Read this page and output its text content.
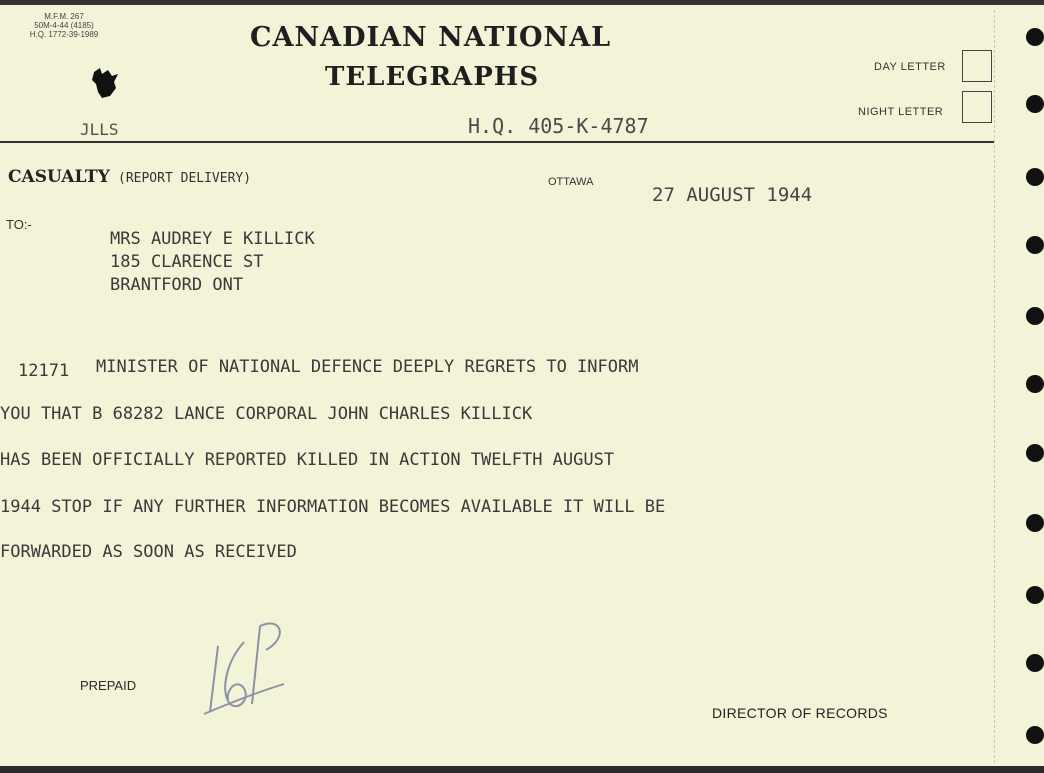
M.F.M. 267
50M-4-44 (4185)
H.Q. 1772-39-1989	CANADIAN NATIONAL
TELEGRAPHS	DAY LETTER
NIGHT LETTER
JLLS	H.Q. 405-K-4787
CASUALTY (REPORT DELIVERY)	OTTAWA
27 AUGUST 1944
TO:-
MRS AUDREY E KILLICK
185 CLARENCE ST
BRANTFORD ONT
12171 MINISTER OF NATIONAL DEFENCE DEEPLY REGRETS TO INFORM
YOU THAT B 68282 LANCE CORPORAL JOHN CHARLES KILLICK
HAS BEEN OFFICIALLY REPORTED KILLED IN ACTION TWELFTH AUGUST
1944 STOP IF ANY FURTHER INFORMATION BECOMES AVAILABLE IT WILL BE
FORWARDED AS SOON AS RECEIVED
PREPAID
DIRECTOR OF RECORDS
